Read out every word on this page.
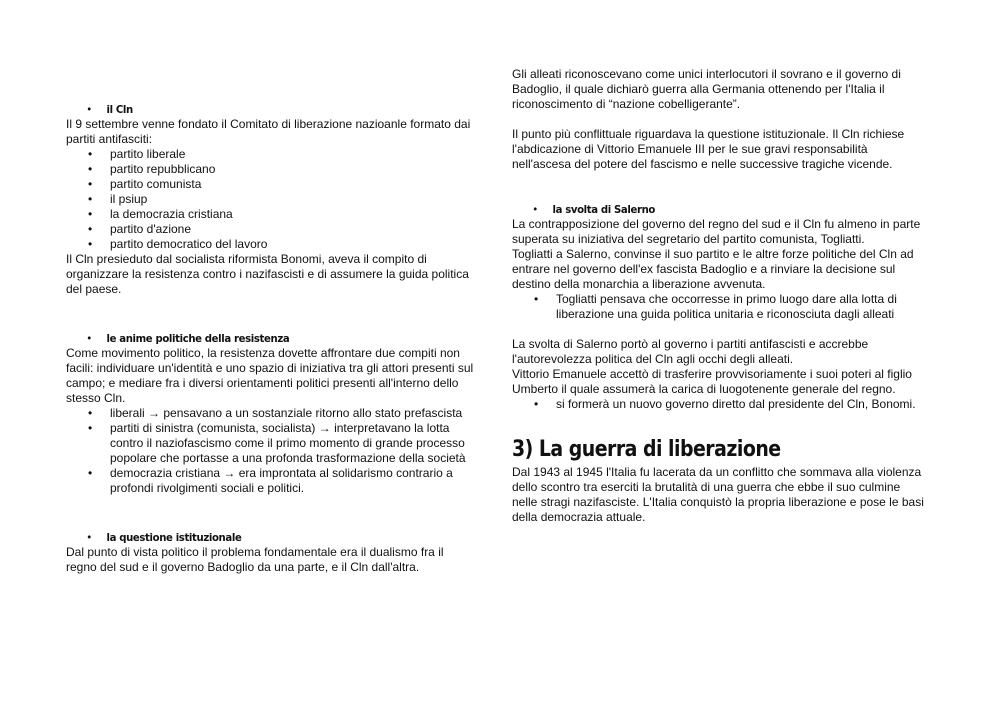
• il Cln

Il 9 settembre venne fondato il Comitato di liberazione nazioanle formato dai partiti antifasciti:

• partito liberale
• partito repubblicano
• partito comunista
• il psiup
• la democrazia cristiana
• partito d'azione
• partito democratico del lavoro

Il Cln presieduto dal socialista riformista Bonomi, aveva il compito di organizzare la resistenza contro i nazifascisti e di assumere la guida politica del paese.

• le anime politiche della resistenza

Come movimento politico, la resistenza dovette affrontare due compiti non facili: individuare un'identità e uno spazio di iniziativa tra gli attori presenti sul campo; e mediare fra i diversi orientamenti politici presenti all'interno dello stesso Cln.

• liberali → pensavano a un sostanziale ritorno allo stato prefascista
• partiti di sinistra (comunista, socialista) → interpretavano la lotta contro il naziofascismo come il primo momento di grande processo popolare che portasse a una profonda trasformazione della società
• democrazia cristiana → era improntata al solidarismo contrario a profondi rivolgimenti sociali e politici.
• la questione istituzionale

Dal punto di vista politico il problema fondamentale era il dualismo fra il regno del sud e il governo Badoglio da una parte, e il Cln dall'altra.

Gli alleati riconoscevano come unici interlocutori il sovrano e il governo di Badoglio, il quale dichiarò guerra alla Germania ottenendo per l'Italia il riconoscimento di “nazione cobelligerante”.

Il punto più conflittuale riguardava la questione istituzionale. Il Cln richiese l'abdicazione di Vittorio Emanuele III per le sue gravi responsabilità nell'ascesa del potere del fascismo e nelle successive tragiche vicende.

• la svolta di Salerno

La contrapposizione del governo del regno del sud e il Cln fu almeno in parte superata su iniziativa del segretario del partito comunista, Togliatti.

Togliatti a Salerno, convinse il suo partito e le altre forze politiche del Cln ad entrare nel governo dell'ex fascista Badoglio e a rinviare la decisione sul destino della monarchia a liberazione avvenuta.

• Togliatti pensava che occorresse in primo luogo dare alla lotta di liberazione una guida politica unitaria e riconosciuta dagli alleati

La svolta di Salerno portò al governo i partiti antifascisti e accrebbe l'autorevolezza politica del Cln agli occhi degli alleati.

Vittorio Emanuele accettò di trasferire provvisoriamente i suoi poteri al figlio Umberto il quale assumerà la carica di luogotenente generale del regno.

• si formerà un nuovo governo diretto dal presidente del Cln, Bonomi.
3) La guerra di liberazione

Dal 1943 al 1945 l'Italia fu lacerata da un conflitto che sommava alla violenza dello scontro tra eserciti la brutalità di una guerra che ebbe il suo culmine nelle stragi nazifasciste. L'Italia conquistò la propria liberazione e pose le basi della democrazia attuale.
